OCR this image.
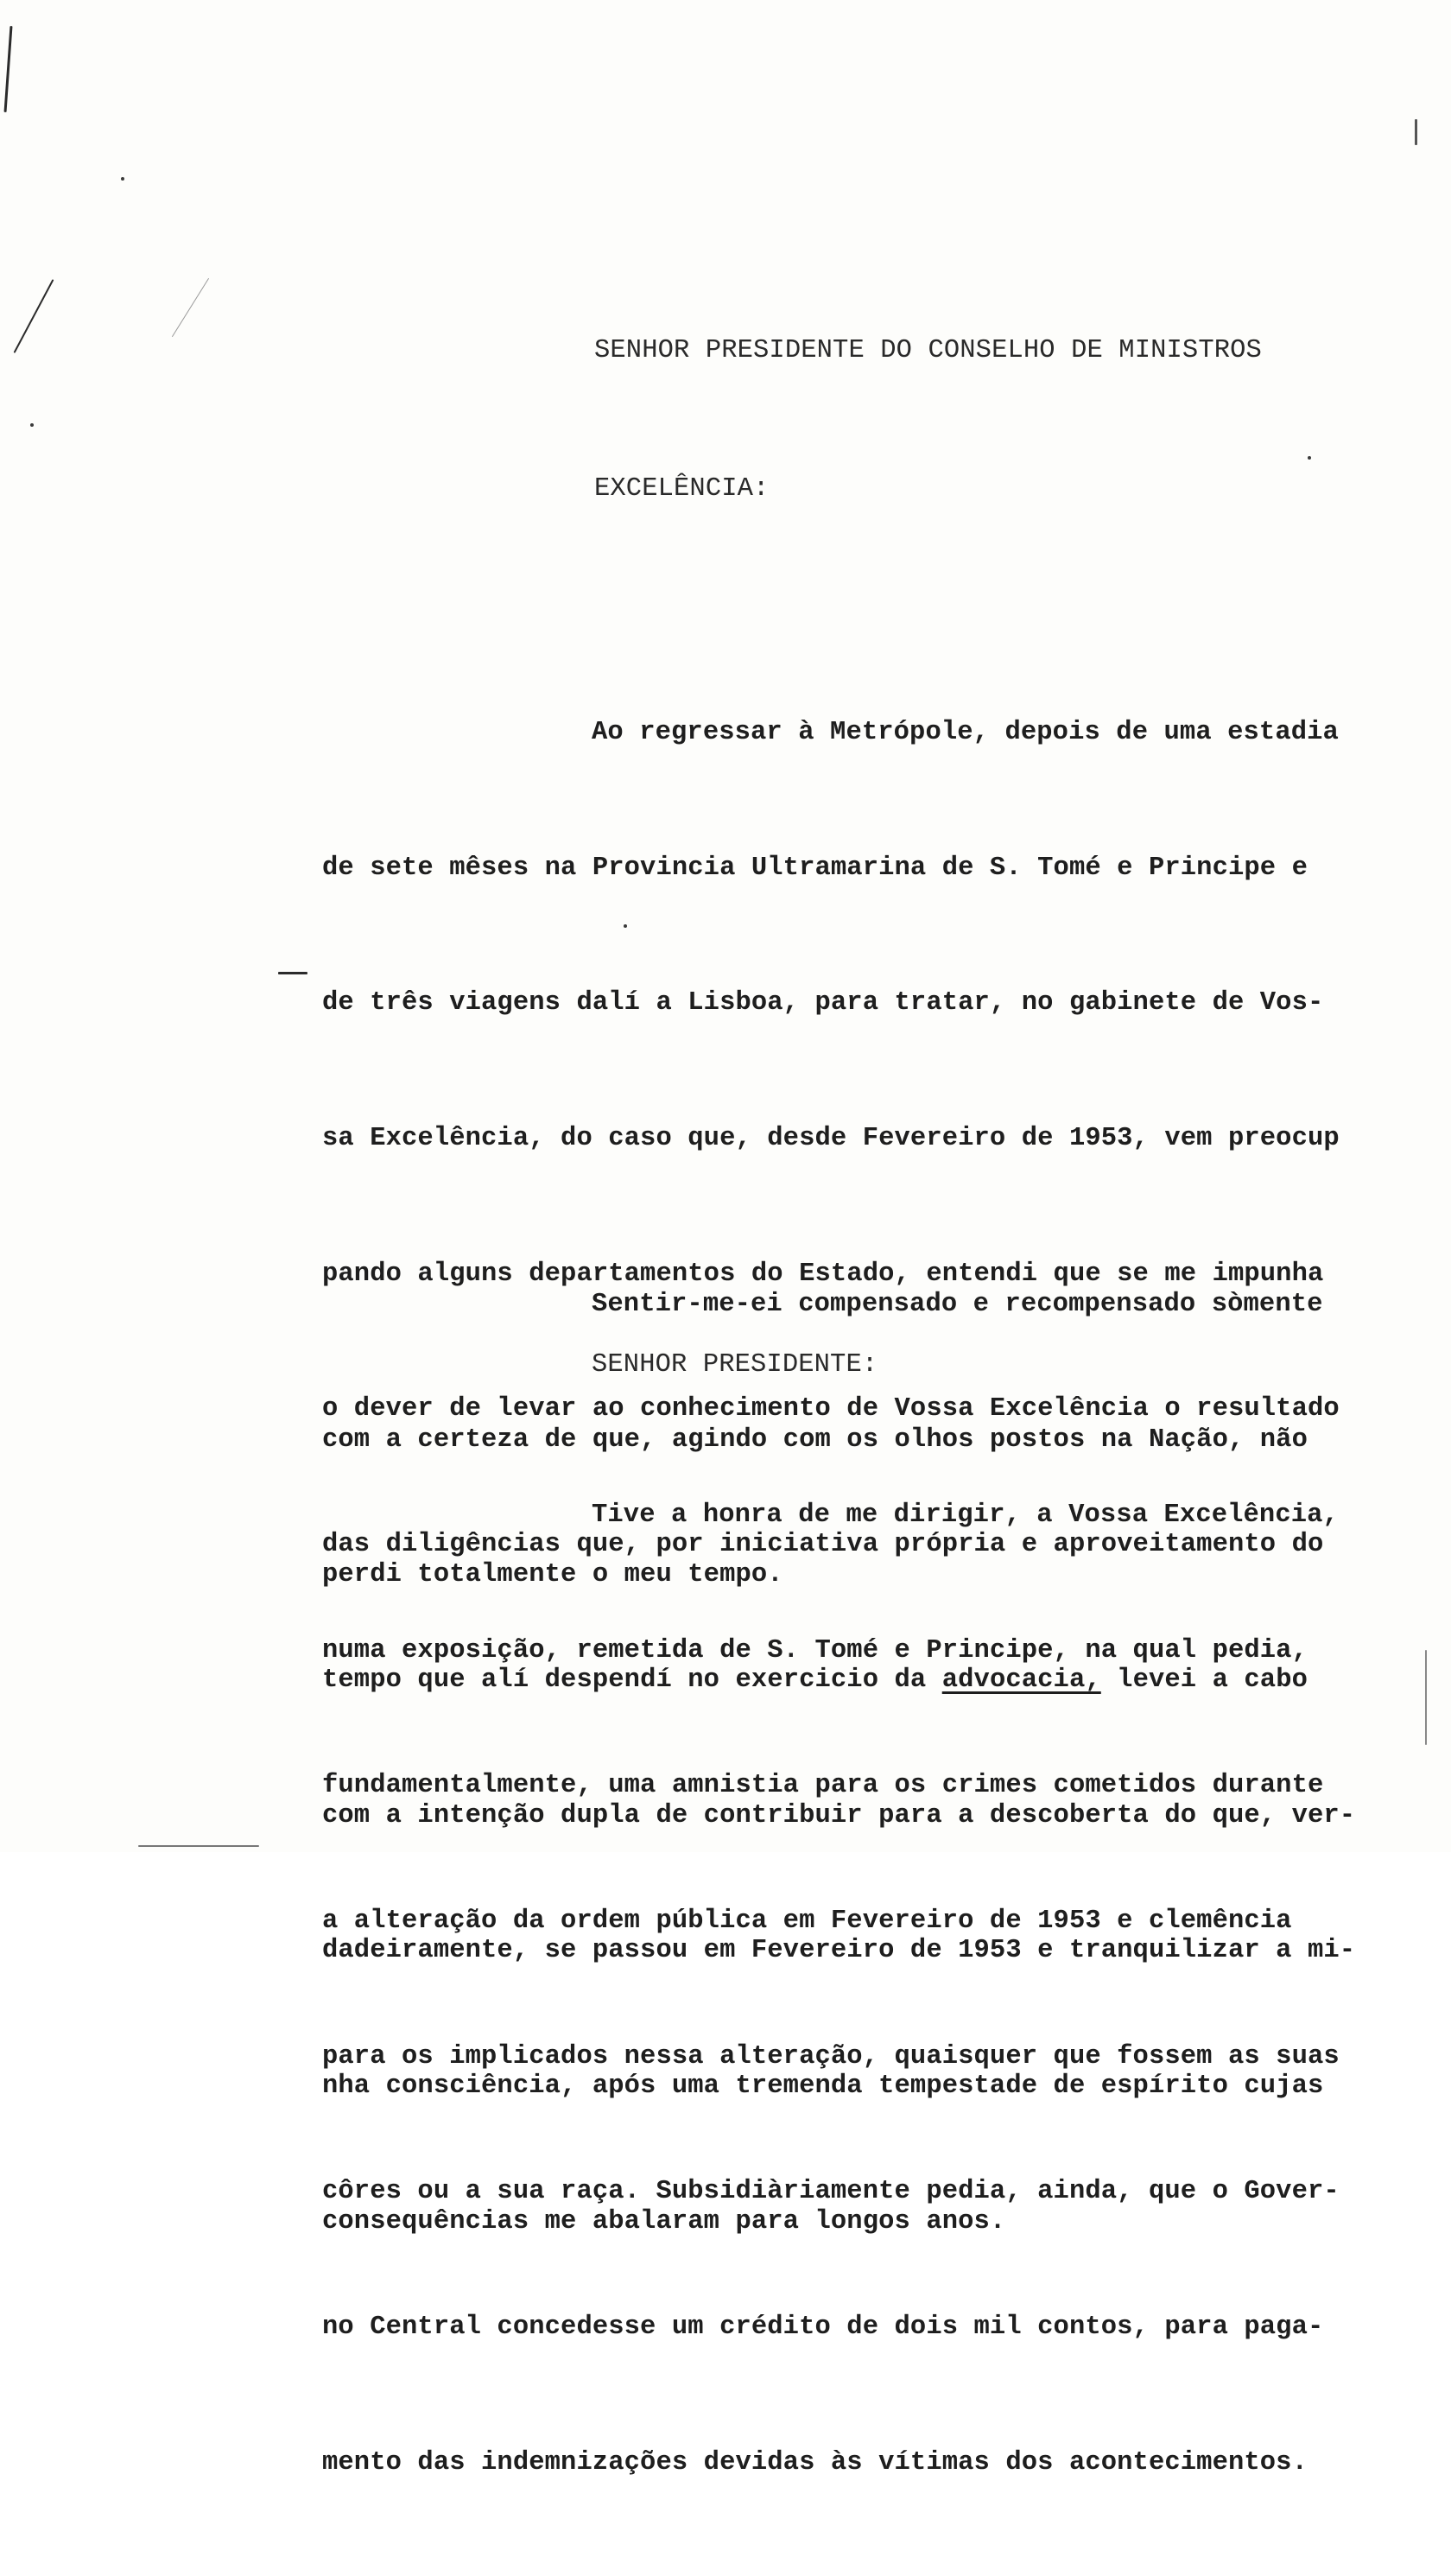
SENHOR PRESIDENTE DO CONSELHO DE MINISTROS
EXCELÊNCIA:

Ao regressar à Metrópole, depois de uma estadia

de sete mêses na Provincia Ultramarina de S. Tomé e Principe e

de três viagens dalí a Lisboa, para tratar, no gabinete de Vos-

sa Excelência, do caso que, desde Fevereiro de 1953, vem preocup

pando alguns departamentos do Estado, entendi que se me impunha

o dever de levar ao conhecimento de Vossa Excelência o resultado

das diligências que, por iniciativa própria e aproveitamento do

tempo que alí despendí no exercicio da advocacia, levei a cabo

com a intenção dupla de contribuir para a descoberta do que, ver-

dadeiramente, se passou em Fevereiro de 1953 e tranquilizar a mi-

nha consciência, após uma tremenda tempestade de espírito cujas

consequências me abalaram para longos anos.

Sentir-me-ei compensado e recompensado sòmente

com a certeza de que, agindo com os olhos postos na Nação, não

perdi totalmente o meu tempo.

SENHOR PRESIDENTE:

Tive a honra de me dirigir, a Vossa Excelência,

numa exposição, remetida de S. Tomé e Principe, na qual pedia,

fundamentalmente, uma amnistia para os crimes cometidos durante

a alteração da ordem pública em Fevereiro de 1953 e clemência

para os implicados nessa alteração, quaisquer que fossem as suas

côres ou a sua raça. Subsidiàriamente pedia, ainda, que o Gover-

no Central concedesse um crédito de dois mil contos, para paga-

mento das indemnizações devidas às vítimas dos acontecimentos.
